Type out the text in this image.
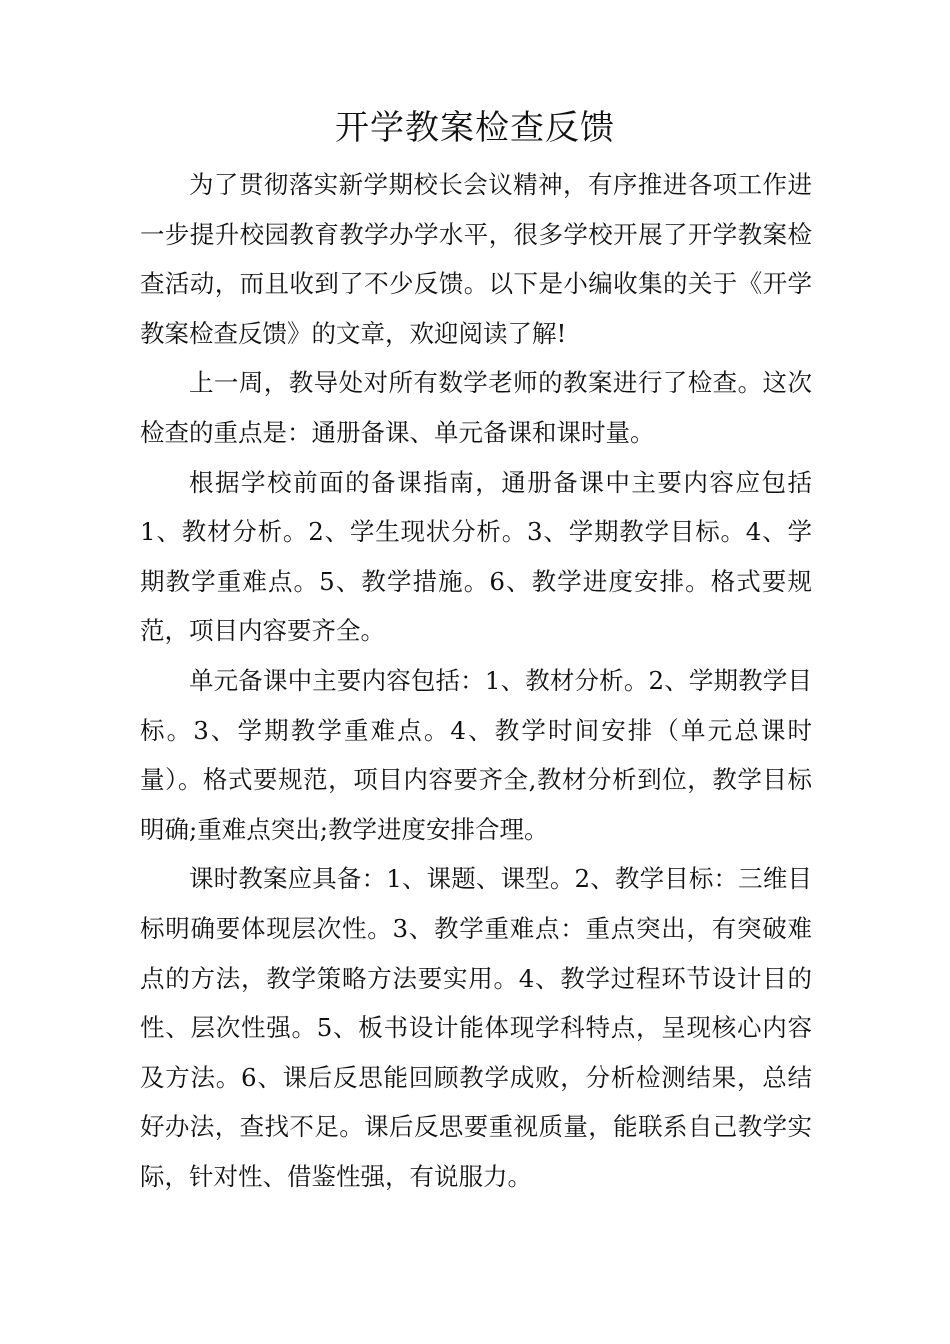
开学教案检查反馈

为了贯彻落实新学期校长会议精神，有序推进各项工作进一步提升校园教育教学办学水平，很多学校开展了开学教案检查活动，而且收到了不少反馈。以下是小编收集的关于《开学教案检查反馈》的文章，欢迎阅读了解!

上一周，教导处对所有数学老师的教案进行了检查。这次检查的重点是：通册备课、单元备课和课时量。

根据学校前面的备课指南，通册备课中主要内容应包括1、教材分析。2、学生现状分析。3、学期教学目标。4、学期教学重难点。5、教学措施。6、教学进度安排。格式要规范，项目内容要齐全。

单元备课中主要内容包括：1、教材分析。2、学期教学目标。3、学期教学重难点。4、教学时间安排（单元总课时量）。格式要规范，项目内容要齐全,教材分析到位，教学目标明确;重难点突出;教学进度安排合理。

课时教案应具备：1、课题、课型。2、教学目标：三维目标明确要体现层次性。3、教学重难点：重点突出，有突破难点的方法，教学策略方法要实用。4、教学过程环节设计目的性、层次性强。5、板书设计能体现学科特点，呈现核心内容及方法。6、课后反思能回顾教学成败，分析检测结果，总结好办法，查找不足。课后反思要重视质量，能联系自己教学实际，针对性、借鉴性强，有说服力。
